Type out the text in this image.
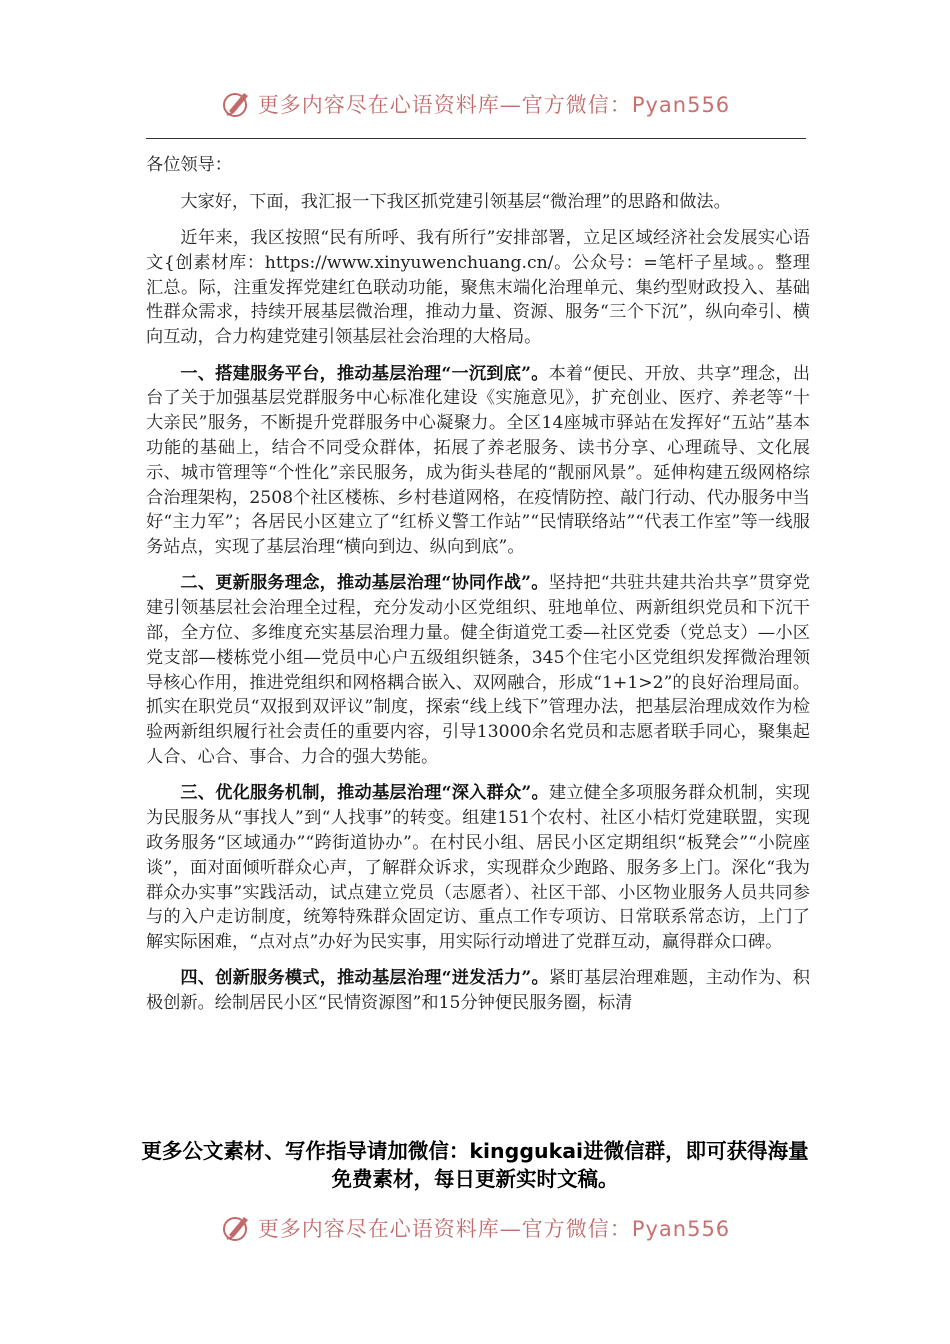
更多内容尽在心语资料库—官方微信：Pyan556

各位领导：

大家好，下面，我汇报一下我区抓党建引领基层“微治理”的思路和做法。

近年来，我区按照“民有所呼、我有所行”安排部署，立足区域经济社会发展实心语文{创素材库：https://www.xinyuwenchuang.cn/。公众号：=笔杆子星域。。整理汇总。际，注重发挥党建红色联动功能，聚焦末端化治理单元、集约型财政投入、基础性群众需求，持续开展基层微治理，推动力量、资源、服务“三个下沉”，纵向牵引、横向互动，合力构建党建引领基层社会治理的大格局。

一、搭建服务平台，推动基层治理“一沉到底”。本着“便民、开放、共享”理念，出台了关于加强基层党群服务中心标准化建设《实施意见》，扩充创业、医疗、养老等“十大亲民”服务，不断提升党群服务中心凝聚力。全区14座城市驿站在发挥好“五站”基本功能的基础上，结合不同受众群体，拓展了养老服务、读书分享、心理疏导、文化展示、城市管理等“个性化”亲民服务，成为街头巷尾的“靓丽风景”。延伸构建五级网格综合治理架构，2508个社区楼栋、乡村巷道网格，在疫情防控、敲门行动、代办服务中当好“主力军”；各居民小区建立了“红桥义警工作站”“民情联络站”“代表工作室”等一线服务站点，实现了基层治理“横向到边、纵向到底”。

二、更新服务理念，推动基层治理“协同作战”。坚持把“共驻共建共治共享”贯穿党建引领基层社会治理全过程，充分发动小区党组织、驻地单位、两新组织党员和下沉干部，全方位、多维度充实基层治理力量。健全街道党工委—社区党委（党总支）—小区党支部—楼栋党小组—党员中心户五级组织链条，345个住宅小区党组织发挥微治理领导核心作用，推进党组织和网格耦合嵌入、双网融合，形成“1+1>2”的良好治理局面。抓实在职党员“双报到双评议”制度，探索“线上线下”管理办法，把基层治理成效作为检验两新组织履行社会责任的重要内容，引导13000余名党员和志愿者联手同心，聚集起人合、心合、事合、力合的强大势能。

三、优化服务机制，推动基层治理“深入群众”。建立健全多项服务群众机制，实现为民服务从“事找人”到“人找事”的转变。组建151个农村、社区小桔灯党建联盟，实现政务服务“区域通办”“跨街道协办”。在村民小组、居民小区定期组织“板凳会”“小院座谈”，面对面倾听群众心声，了解群众诉求，实现群众少跑路、服务多上门。深化“我为群众办实事”实践活动，试点建立党员（志愿者）、社区干部、小区物业服务人员共同参与的入户走访制度，统筹特殊群众固定访、重点工作专项访、日常联系常态访，上门了解实际困难，“点对点”办好为民实事，用实际行动增进了党群互动，赢得群众口碑。

四、创新服务模式，推动基层治理“迸发活力”。紧盯基层治理难题，主动作为、积极创新。绘制居民小区“民情资源图”和15分钟便民服务圈，标清

更多公文素材、写作指导请加微信：kinggukai进微信群，即可获得海量免费素材，每日更新实时文稿。
更多内容尽在心语资料库—官方微信：Pyan556
